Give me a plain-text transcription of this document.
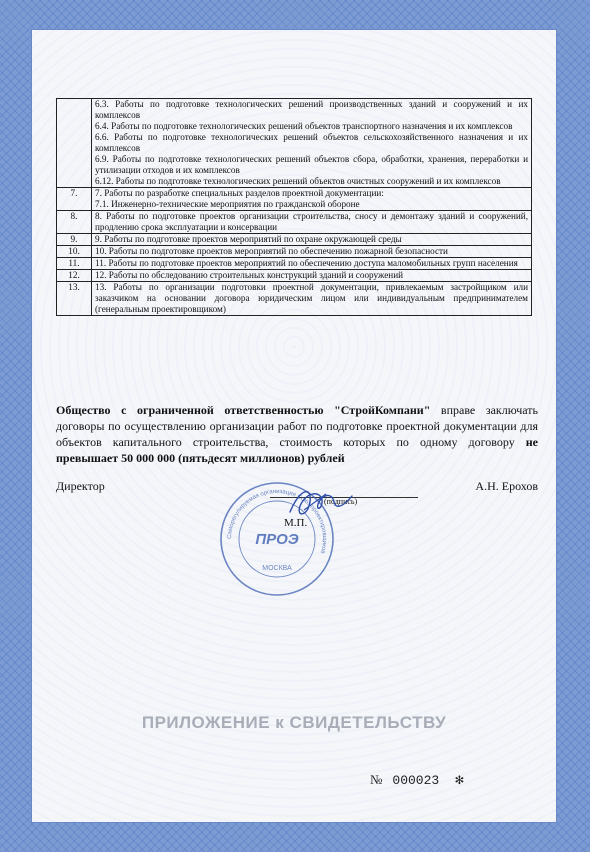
	6.3. Работы по подготовке технологических решений производственных зданий и сооружений и их комплексов
6.4. Работы по подготовке технологических решений объектов транспортного назначения и их комплексов
6.6. Работы по подготовке технологических решений объектов сельскохозяйственного назначения и их комплексов
6.9. Работы по подготовке технологических решений объектов сбора, обработки, хранения, переработки и утилизации отходов и их комплексов
6.12. Работы по подготовке технологических решений объектов очистных сооружений и их комплексов

7.	7. Работы по разработке специальных разделов проектной документации:
7.1. Инженерно-технические мероприятия по гражданской обороне

8.	8. Работы по подготовке проектов организации строительства, сносу и демонтажу зданий и сооружений, продлению срока эксплуатации и консервации

9.	9. Работы по подготовке проектов мероприятий по охране окружающей среды

10.	10. Работы по подготовке проектов мероприятий по обеспечению пожарной безопасности

11.	11. Работы по подготовке проектов мероприятий по обеспечению доступа маломобильных групп населения

12.	12. Работы по обследованию строительных конструкций зданий и сооружений

13.	13. Работы по организации подготовки проектной документации, привлекаемым застройщиком или заказчиком на основании договора юридическим лицом или индивидуальным предпринимателем (генеральным проектировщиком)
Общество с ограниченной ответственностью "СтройКомпани" вправе заключать договоры по осуществлению организации работ по подготовке проектной документации для объектов капитального строительства, стоимость которых по одному договору не превышает 50 000 000 (пятьдесят миллионов) рублей
Директор
(подпись)
М.П.
А.Н. Ерохов
Саморегулируемая организация Союз проектировщиков
ПРОЭ
МОСКВА
ПРИЛОЖЕНИЕ к СВИДЕТЕЛЬСТВУ
№ 000023 ✻
